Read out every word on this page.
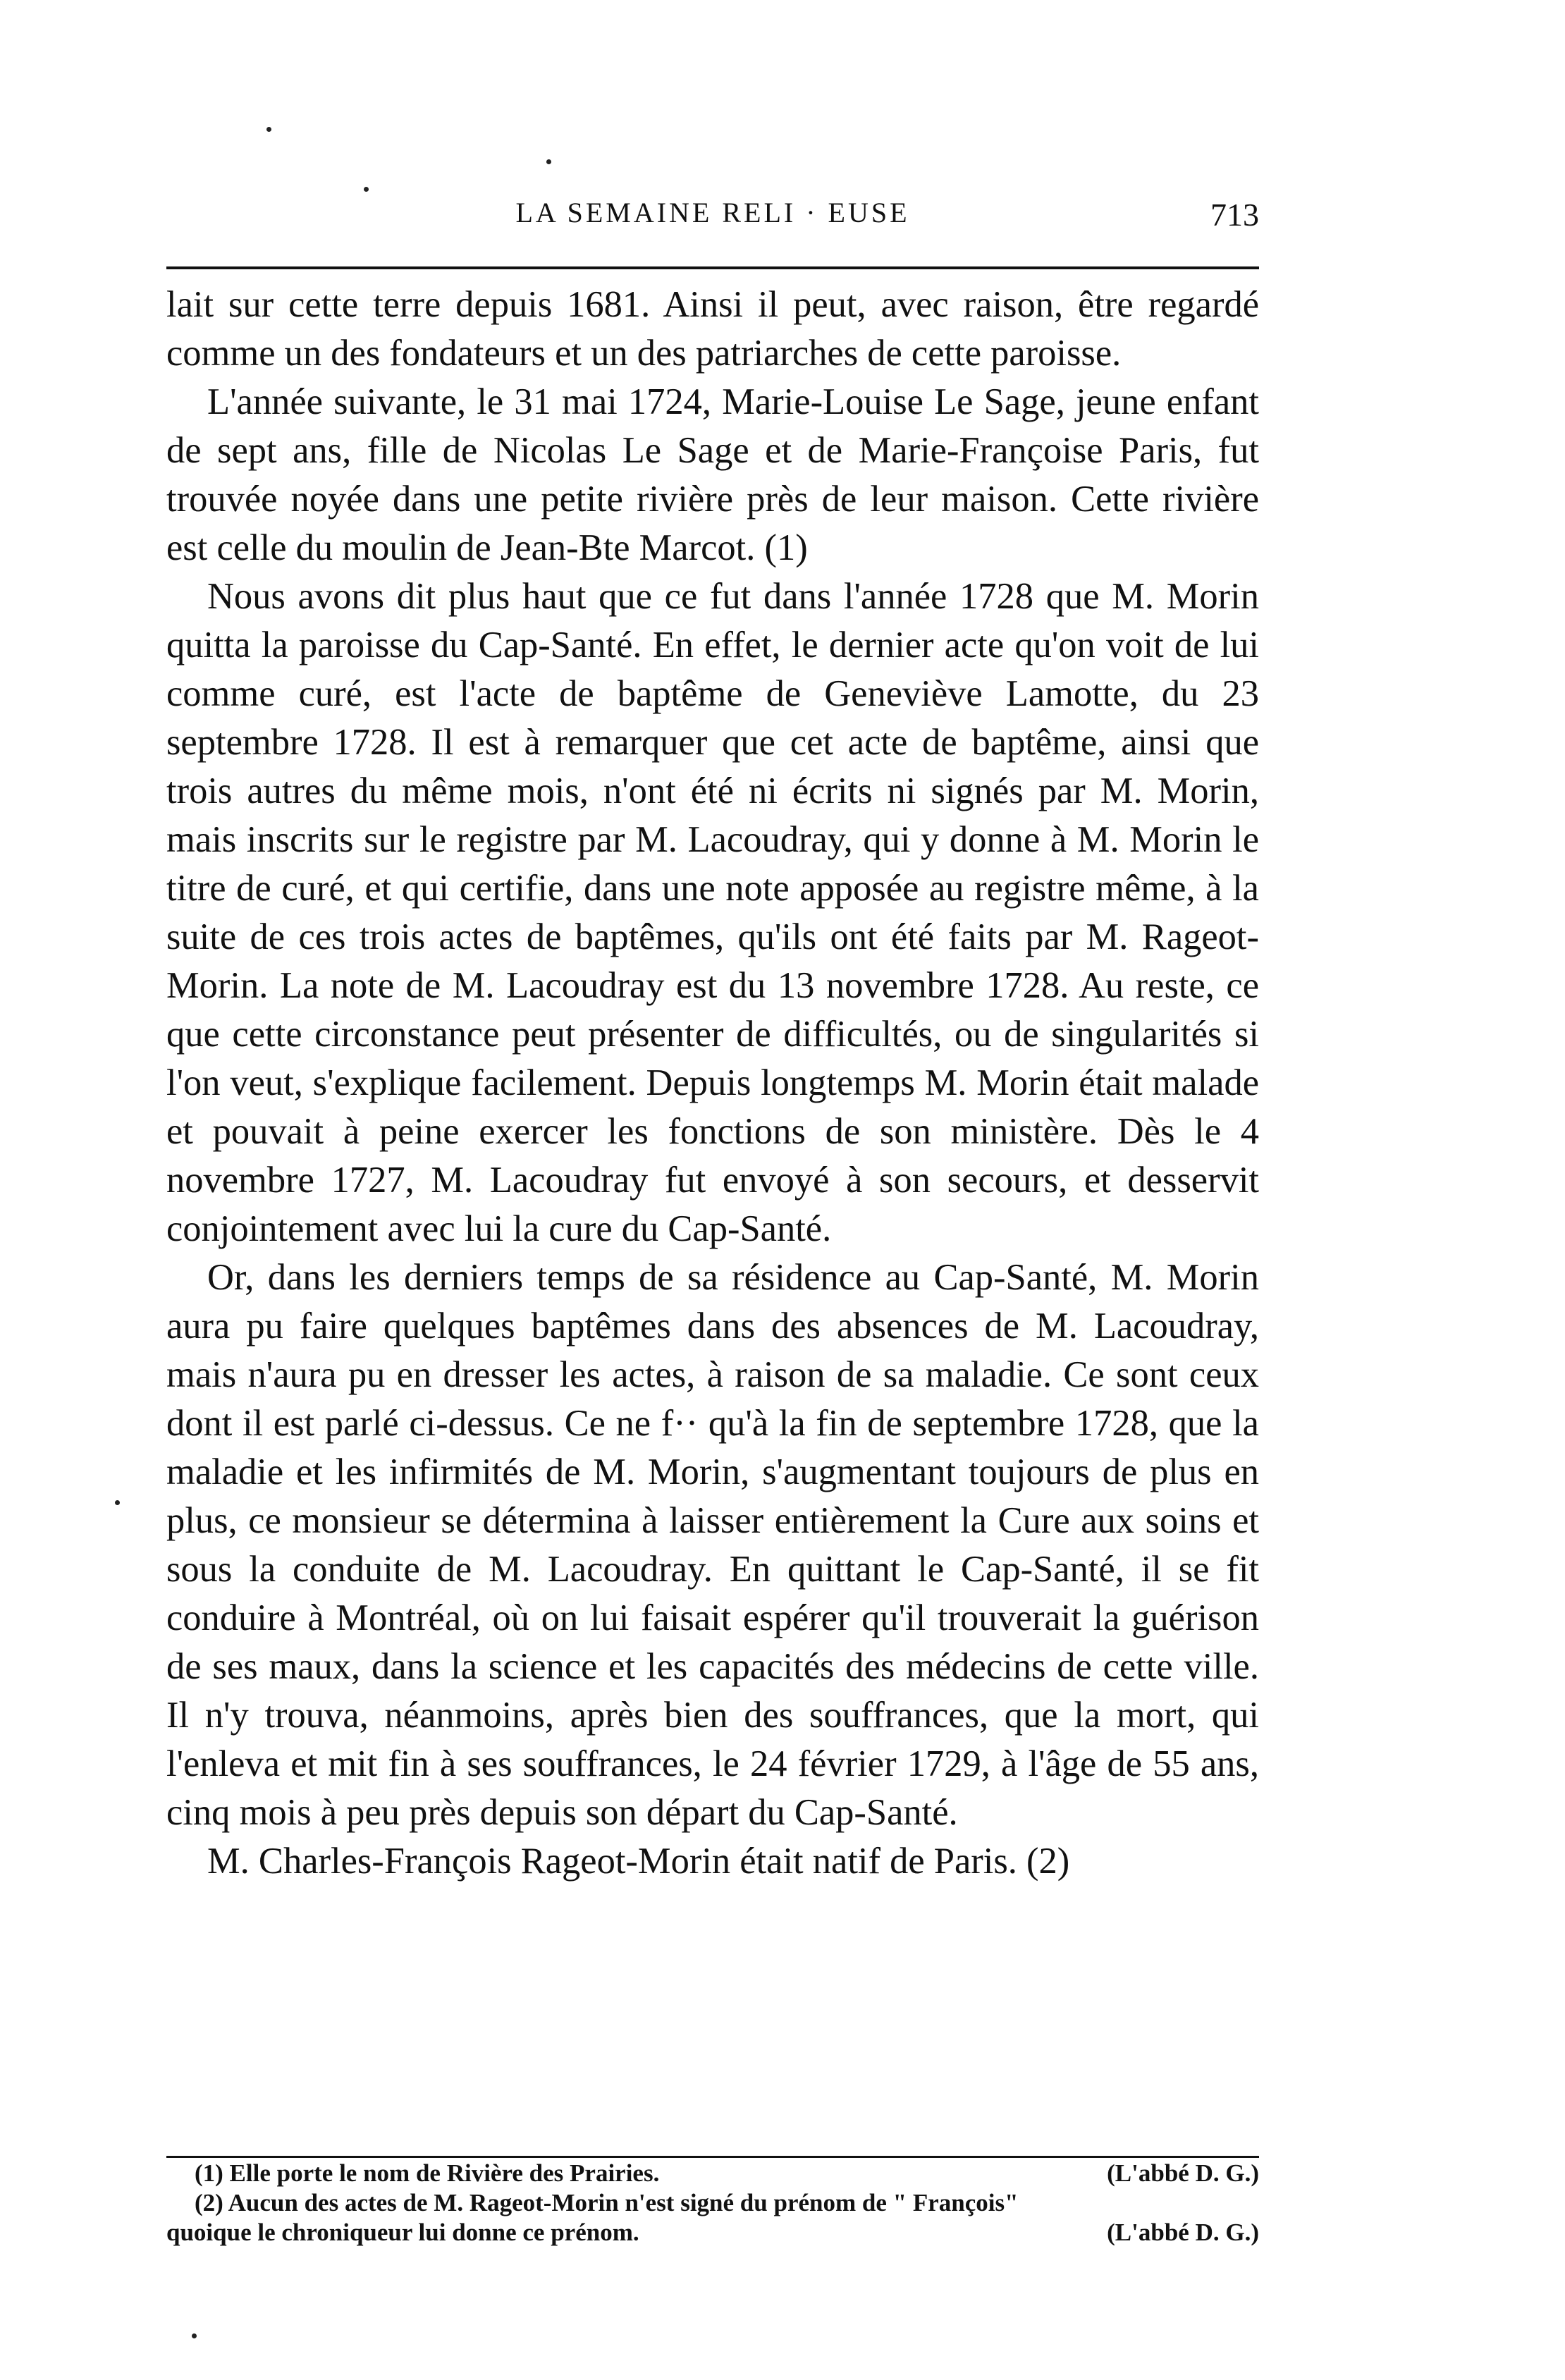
LA SEMAINE RELI · EUSE	713

lait sur cette terre depuis 1681. Ainsi il peut, avec raison, être regardé comme un des fondateurs et un des patriarches de cette paroisse.

L'année suivante, le 31 mai 1724, Marie-Louise Le Sage, jeune enfant de sept ans, fille de Nicolas Le Sage et de Marie-Françoise Paris, fut trouvée noyée dans une petite rivière près de leur maison. Cette rivière est celle du moulin de Jean-Bte Marcot. (1)

Nous avons dit plus haut que ce fut dans l'année 1728 que M. Morin quitta la paroisse du Cap-Santé. En effet, le dernier acte qu'on voit de lui comme curé, est l'acte de baptême de Geneviève Lamotte, du 23 septembre 1728. Il est à remarquer que cet acte de baptême, ainsi que trois autres du même mois, n'ont été ni écrits ni signés par M. Morin, mais inscrits sur le registre par M. Lacoudray, qui y donne à M. Morin le titre de curé, et qui certifie, dans une note apposée au registre même, à la suite de ces trois actes de baptêmes, qu'ils ont été faits par M. Rageot-Morin. La note de M. Lacoudray est du 13 novembre 1728. Au reste, ce que cette circonstance peut présenter de difficultés, ou de singularités si l'on veut, s'explique facilement. Depuis longtemps M. Morin était malade et pouvait à peine exercer les fonctions de son ministère. Dès le 4 novembre 1727, M. Lacoudray fut envoyé à son secours, et desservit conjointement avec lui la cure du Cap-Santé.

Or, dans les derniers temps de sa résidence au Cap-Santé, M. Morin aura pu faire quelques baptêmes dans des absences de M. Lacoudray, mais n'aura pu en dresser les actes, à raison de sa maladie. Ce sont ceux dont il est parlé ci-dessus. Ce ne f·· qu'à la fin de septembre 1728, que la maladie et les infirmités de M. Morin, s'augmentant toujours de plus en plus, ce monsieur se détermina à laisser entièrement la Cure aux soins et sous la conduite de M. Lacoudray. En quittant le Cap-Santé, il se fit conduire à Montréal, où on lui faisait espérer qu'il trouverait la guérison de ses maux, dans la science et les capacités des médecins de cette ville. Il n'y trouva, néanmoins, après bien des souffrances, que la mort, qui l'enleva et mit fin à ses souffrances, le 24 février 1729, à l'âge de 55 ans, cinq mois à peu près depuis son départ du Cap-Santé.

M. Charles-François Rageot-Morin était natif de Paris. (2)

(1) Elle porte le nom de Rivière des Prairies.	(L'abbé D. G.)
(2) Aucun des actes de M. Rageot-Morin n'est signé du prénom de " François"
quoique le chroniqueur lui donne ce prénom.	(L'abbé D. G.)
